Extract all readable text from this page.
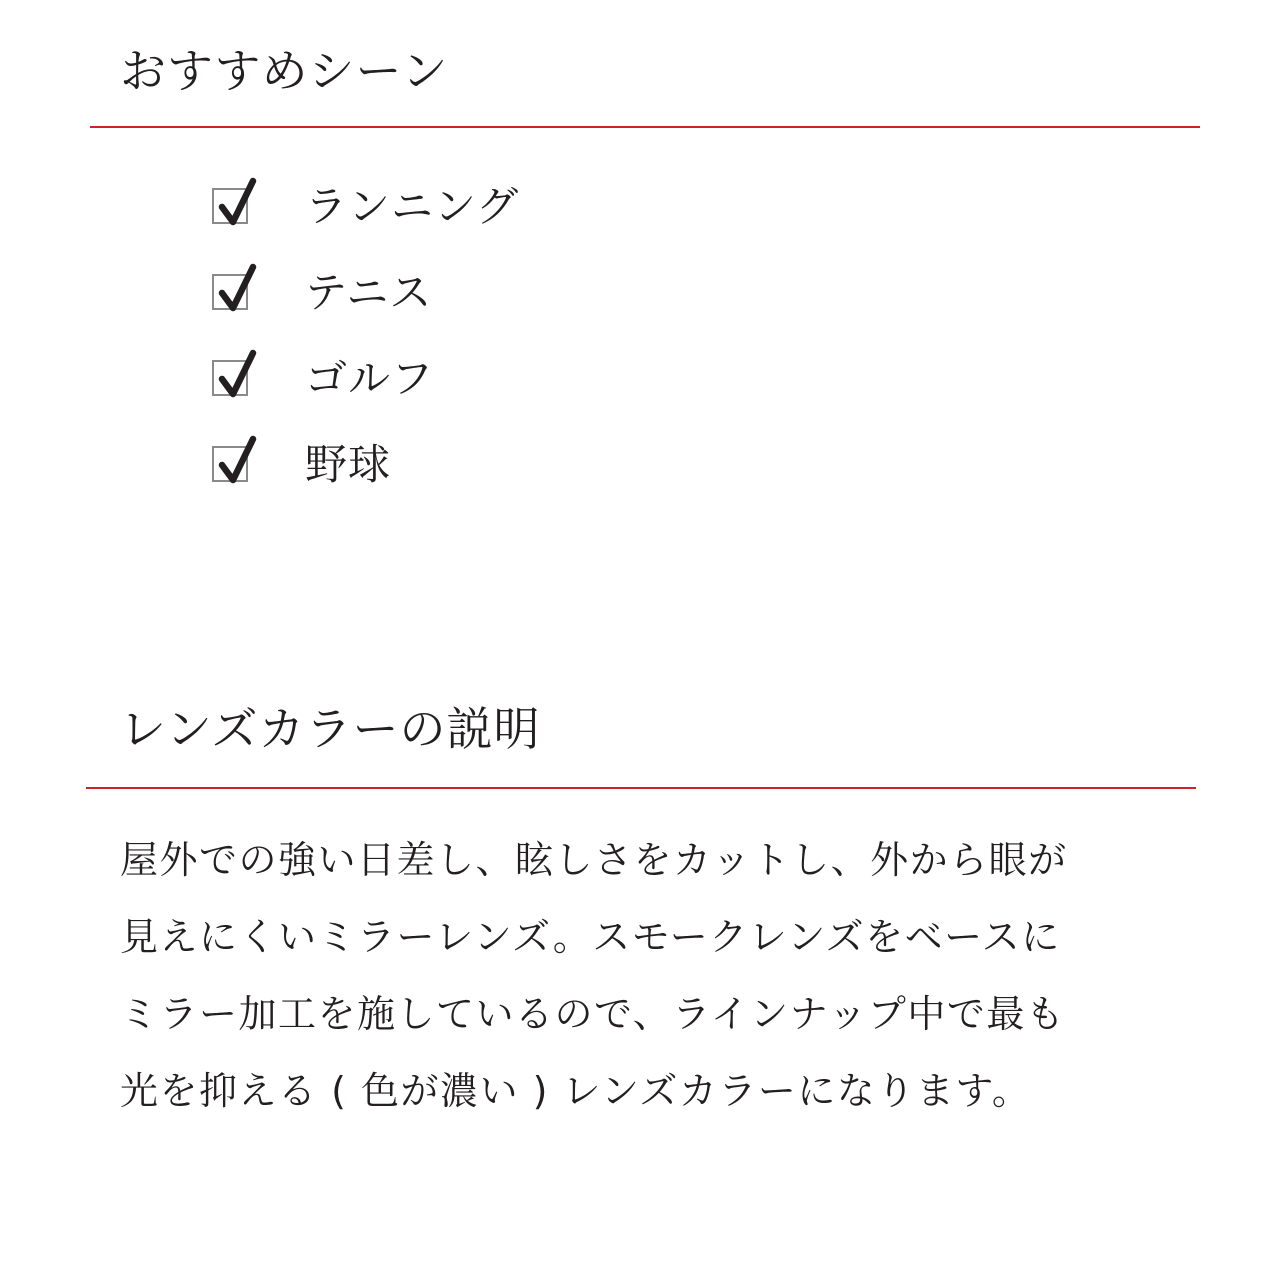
おすすめシーン
ランニング
テニス
ゴルフ
野球
レンズカラーの説明

屋外での強い日差し、眩しさをカットし、外から眼が
見えにくいミラーレンズ。スモークレンズをベースに
ミラー加工を施しているので、ラインナップ中で最も
光を抑える ( 色が濃い ) レンズカラーになります。
